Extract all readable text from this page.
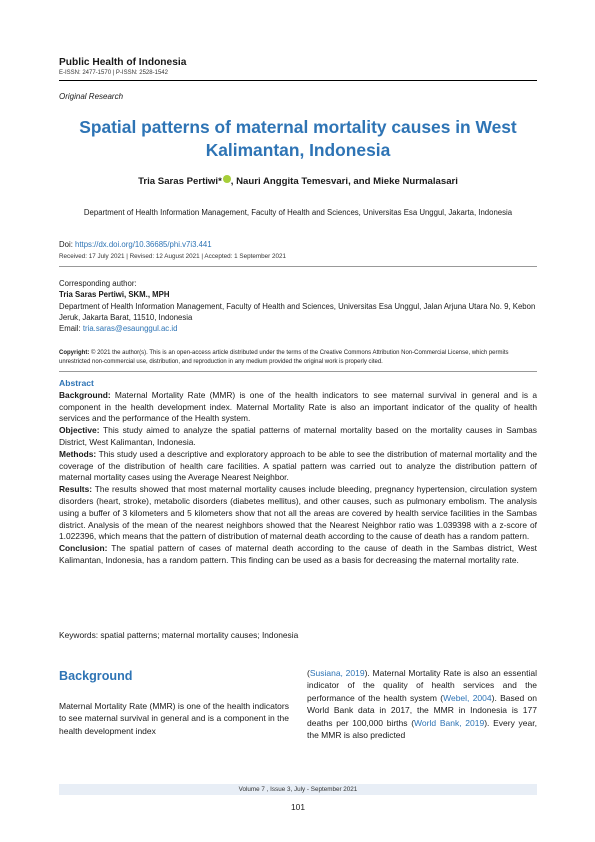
Public Health of Indonesia
E-ISSN: 2477-1570 | P-ISSN: 2528-1542
Original Research
Spatial patterns of maternal mortality causes in West Kalimantan, Indonesia
Tria Saras Pertiwi* , Nauri Anggita Temesvari, and Mieke Nurmalasari
Department of Health Information Management, Faculty of Health and Sciences, Universitas Esa Unggul, Jakarta, Indonesia
Doi: https://dx.doi.org/10.36685/phi.v7i3.441
Received: 17 July 2021 | Revised: 12 August 2021 | Accepted: 1 September 2021
Corresponding author:
Tria Saras Pertiwi, SKM., MPH
Department of Health Information Management, Faculty of Health and Sciences, Universitas Esa Unggul, Jalan Arjuna Utara No. 9, Kebon Jeruk, Jakarta Barat, 11510, Indonesia
Email: tria.saras@esaunggul.ac.id
Copyright: © 2021 the author(s). This is an open-access article distributed under the terms of the Creative Commons Attribution Non-Commercial License, which permits unrestricted non-commercial use, distribution, and reproduction in any medium provided the original work is properly cited.
Abstract

Background: Maternal Mortality Rate (MMR) is one of the health indicators to see maternal survival in general and is a component in the health development index. Maternal Mortality Rate is also an important indicator of the quality of health services and the performance of the Health system.

Objective: This study aimed to analyze the spatial patterns of maternal mortality based on the mortality causes in Sambas District, West Kalimantan, Indonesia.

Methods: This study used a descriptive and exploratory approach to be able to see the distribution of maternal mortality and the coverage of the distribution of health care facilities. A spatial pattern was carried out to analyze the distribution pattern of maternal mortality cases using the Average Nearest Neighbor.

Results: The results showed that most maternal mortality causes include bleeding, pregnancy hypertension, circulation system disorders (heart, stroke), metabolic disorders (diabetes mellitus), and other causes, such as pulmonary embolism. The analysis using a buffer of 3 kilometers and 5 kilometers show that not all the areas are covered by health service facilities in the Sambas district. Analysis of the mean of the nearest neighbors showed that the Nearest Neighbor ratio was 1.039398 with a z-score of 1.022396, which means that the pattern of distribution of maternal death according to the cause of death has a random pattern.

Conclusion: The spatial pattern of cases of maternal death according to the cause of death in the Sambas district, West Kalimantan, Indonesia, has a random pattern. This finding can be used as a basis for decreasing the maternal mortality rate.

Keywords: spatial patterns; maternal mortality causes; Indonesia
Background

Maternal Mortality Rate (MMR) is one of the health indicators to see maternal survival in general and is a component in the health development index

(Susiana, 2019). Maternal Mortality Rate is also an essential indicator of the quality of health services and the performance of the health system (Webel, 2004). Based on World Bank data in 2017, the MMR in Indonesia is 177 deaths per 100,000 births (World Bank, 2019). Every year, the MMR is also predicted

Volume 7 , Issue 3, July - September 2021
101
